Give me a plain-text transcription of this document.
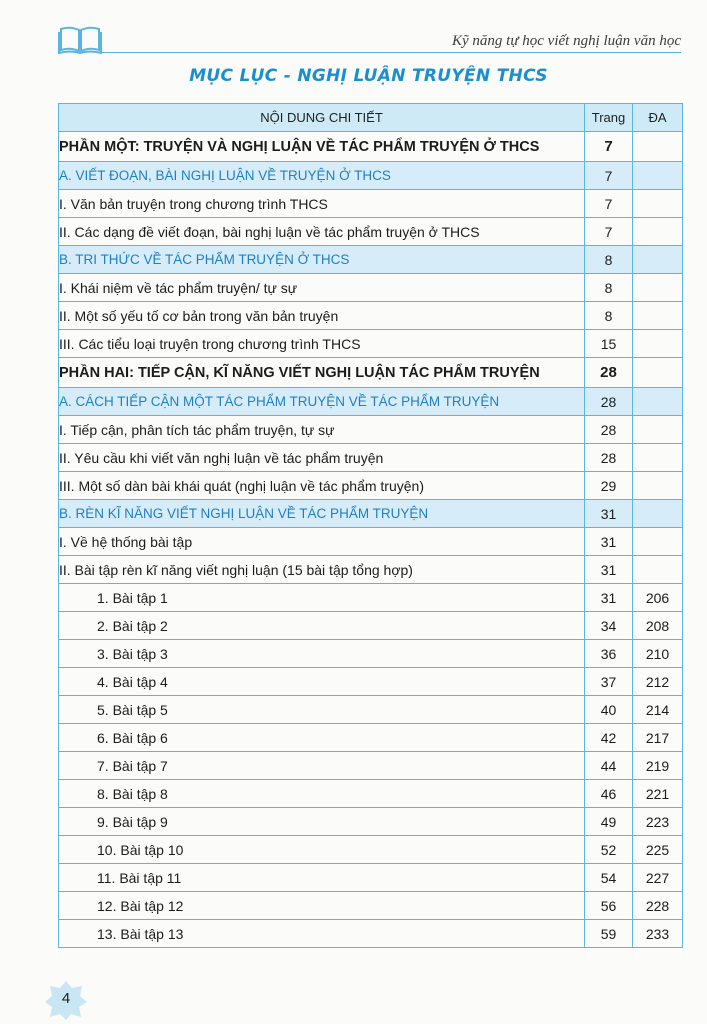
Kỹ năng tự học viết nghị luận văn học
MỤC LỤC - NGHỊ LUẬN TRUYỆN THCS
NỘI DUNG CHI TIẾT	Trang	ĐA
PHẦN MỘT: TRUYỆN VÀ NGHỊ LUẬN VỀ TÁC PHẨM TRUYỆN Ở THCS	7	
A. VIẾT ĐOẠN, BÀI NGHỊ LUẬN VỀ TRUYỆN Ở THCS	7	
I. Văn bản truyện trong chương trình THCS	7	
II. Các dạng đề viết đoạn, bài nghị luận về tác phẩm truyện ở THCS	7	
B. TRI THỨC VỀ TÁC PHẨM TRUYỆN Ở THCS	8	
I. Khái niệm về tác phẩm truyện/ tự sự	8	
II. Một số yếu tố cơ bản trong văn bản truyện	8	
III. Các tiểu loại truyện trong chương trình THCS	15	
PHẦN HAI: TIẾP CẬN, KĨ NĂNG VIẾT NGHỊ LUẬN TÁC PHẨM TRUYỆN	28	
A. CÁCH TIẾP CẬN MỘT TÁC PHẨM TRUYỆN VỀ TÁC PHẨM TRUYỆN	28	
I. Tiếp cận, phân tích tác phẩm truyện, tự sự	28	
II. Yêu cầu khi viết văn nghị luận về tác phẩm truyện	28	
III. Một số dàn bài khái quát (nghị luận về tác phẩm truyện)	29	
B. RÈN KĨ NĂNG VIẾT NGHỊ LUẬN VỀ TÁC PHẨM TRUYỆN	31	
I. Về hệ thống bài tập	31	
II. Bài tập rèn kĩ năng viết nghị luận (15 bài tập tổng hợp)	31	
1. Bài tập 1	31	206
2. Bài tập 2	34	208
3. Bài tập 3	36	210
4. Bài tập 4	37	212
5. Bài tập 5	40	214
6. Bài tập 6	42	217
7. Bài tập 7	44	219
8. Bài tập 8	46	221
9. Bài tập 9	49	223
10. Bài tập 10	52	225
11. Bài tập 11	54	227
12. Bài tập 12	56	228
13. Bài tập 13	59	233
4
